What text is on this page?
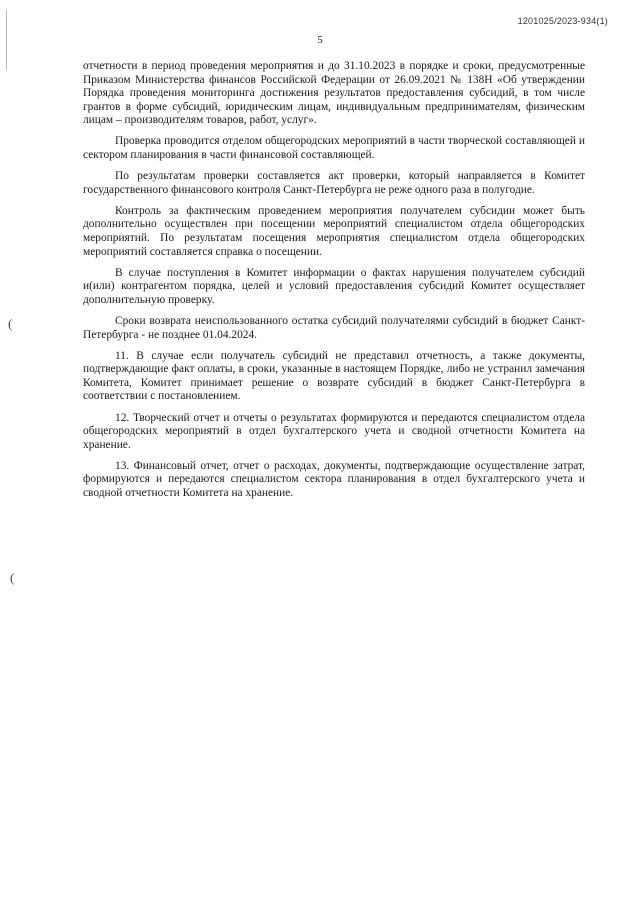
1201025/2023-934(1)
5
(
(

отчетности в период проведения мероприятия и до 31.10.2023 в порядке и сроки, предусмотренные Приказом Министерства финансов Российской Федерации от 26.09.2021 № 138Н «Об утверждении Порядка проведения мониторинга достижения результатов предоставления субсидий, в том числе грантов в форме субсидий, юридическим лицам, индивидуальным предпринимателям, физическим лицам – производителям товаров, работ, услуг».

Проверка проводится отделом общегородских мероприятий в части творческой составляющей и сектором планирования в части финансовой составляющей.

По результатам проверки составляется акт проверки, который направляется в Комитет государственного финансового контроля Санкт-Петербурга не реже одного раза в полугодие.

Контроль за фактическим проведением мероприятия получателем субсидии может быть дополнительно осуществлен при посещении мероприятий специалистом отдела общегородских мероприятий. По результатам посещения мероприятия специалистом отдела общегородских мероприятий составляется справка о посещении.

В случае поступления в Комитет информации о фактах нарушения получателем субсидий и(или) контрагентом порядка, целей и условий предоставления субсидий Комитет осуществляет дополнительную проверку.

Сроки возврата неиспользованного остатка субсидий получателями субсидий в бюджет Санкт-Петербурга - не позднее 01.04.2024.

11. В случае если получатель субсидий не представил отчетность, а также документы, подтверждающие факт оплаты, в сроки, указанные в настоящем Порядке, либо не устранил замечания Комитета, Комитет принимает решение о возврате субсидий в бюджет Санкт-Петербурга в соответствии с постановлением.

12. Творческий отчет и отчеты о результатах формируются и передаются специалистом отдела общегородских мероприятий в отдел бухгалтерского учета и сводной отчетности Комитета на хранение.

13. Финансовый отчет, отчет о расходах, документы, подтверждающие осуществление затрат, формируются и передаются специалистом сектора планирования в отдел бухгалтерского учета и сводной отчетности Комитета на хранение.
